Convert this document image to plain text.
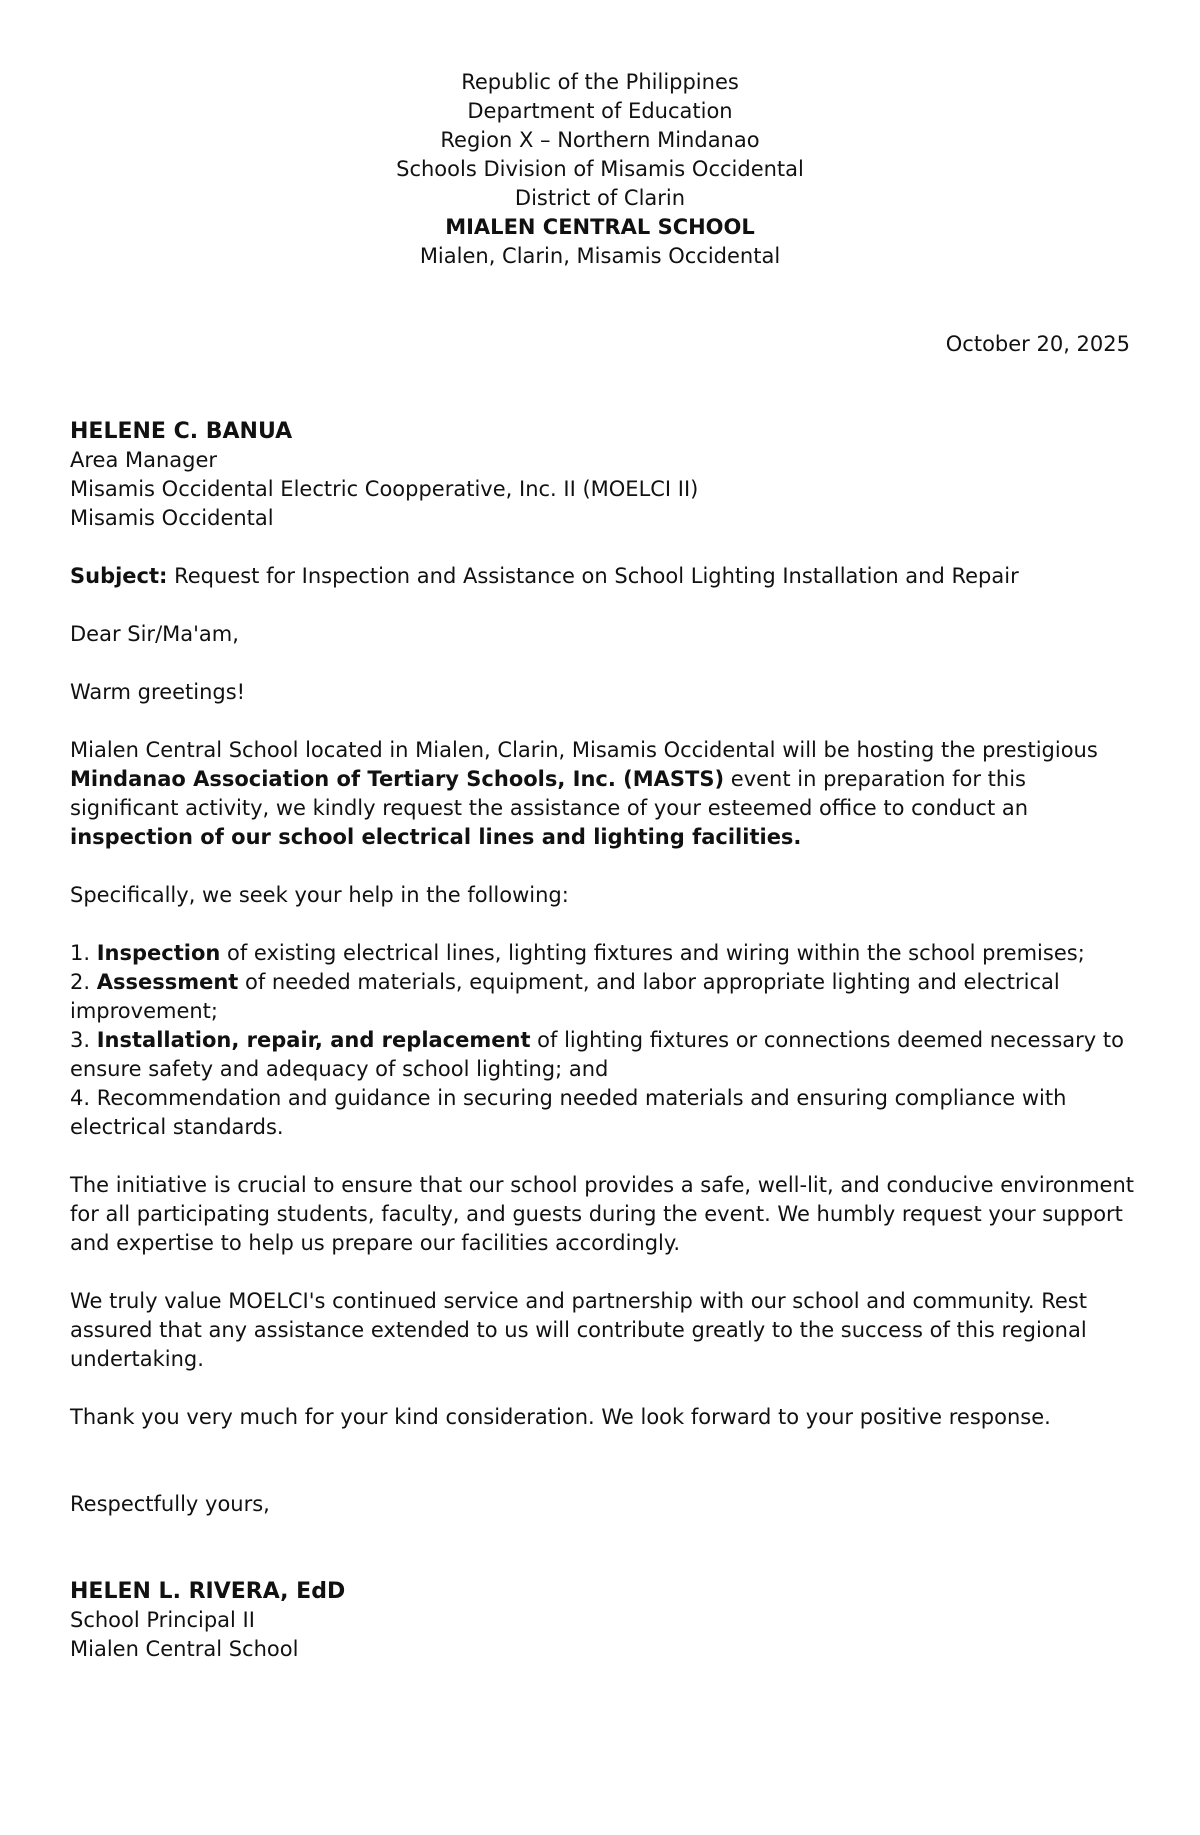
Republic of the Philippines
Department of Education
Region X – Northern Mindanao
Schools Division of Misamis Occidental
District of Clarin
MIALEN CENTRAL SCHOOL
Mialen, Clarin, Misamis Occidental
October 20, 2025
HELENE C. BANUA
Area Manager
Misamis Occidental Electric Coopperative, Inc. II (MOELCI II)
Misamis Occidental

Subject: Request for Inspection and Assistance on School Lighting Installation and Repair

Dear Sir/Ma'am,

Warm greetings!

Mialen Central School located in Mialen, Clarin, Misamis Occidental will be hosting the prestigious Mindanao Association of Tertiary Schools, Inc. (MASTS) event in preparation for this significant activity, we kindly request the assistance of your esteemed office to conduct an inspection of our school electrical lines and lighting facilities.

Specifically, we seek your help in the following:

1. Inspection of existing electrical lines, lighting fixtures and wiring within the school premises;

2. Assessment of needed materials, equipment, and labor appropriate lighting and electrical improvement;

3. Installation, repair, and replacement of lighting fixtures or connections deemed necessary to ensure safety and adequacy of school lighting; and

4. Recommendation and guidance in securing needed materials and ensuring compliance with electrical standards.

The initiative is crucial to ensure that our school provides a safe, well-lit, and conducive environment for all participating students, faculty, and guests during the event. We humbly request your support and expertise to help us prepare our facilities accordingly.

We truly value MOELCI's continued service and partnership with our school and community. Rest assured that any assistance extended to us will contribute greatly to the success of this regional undertaking.

Thank you very much for your kind consideration. We look forward to your positive response.

Respectfully yours,

HELEN L. RIVERA, EdD
School Principal II
Mialen Central School
